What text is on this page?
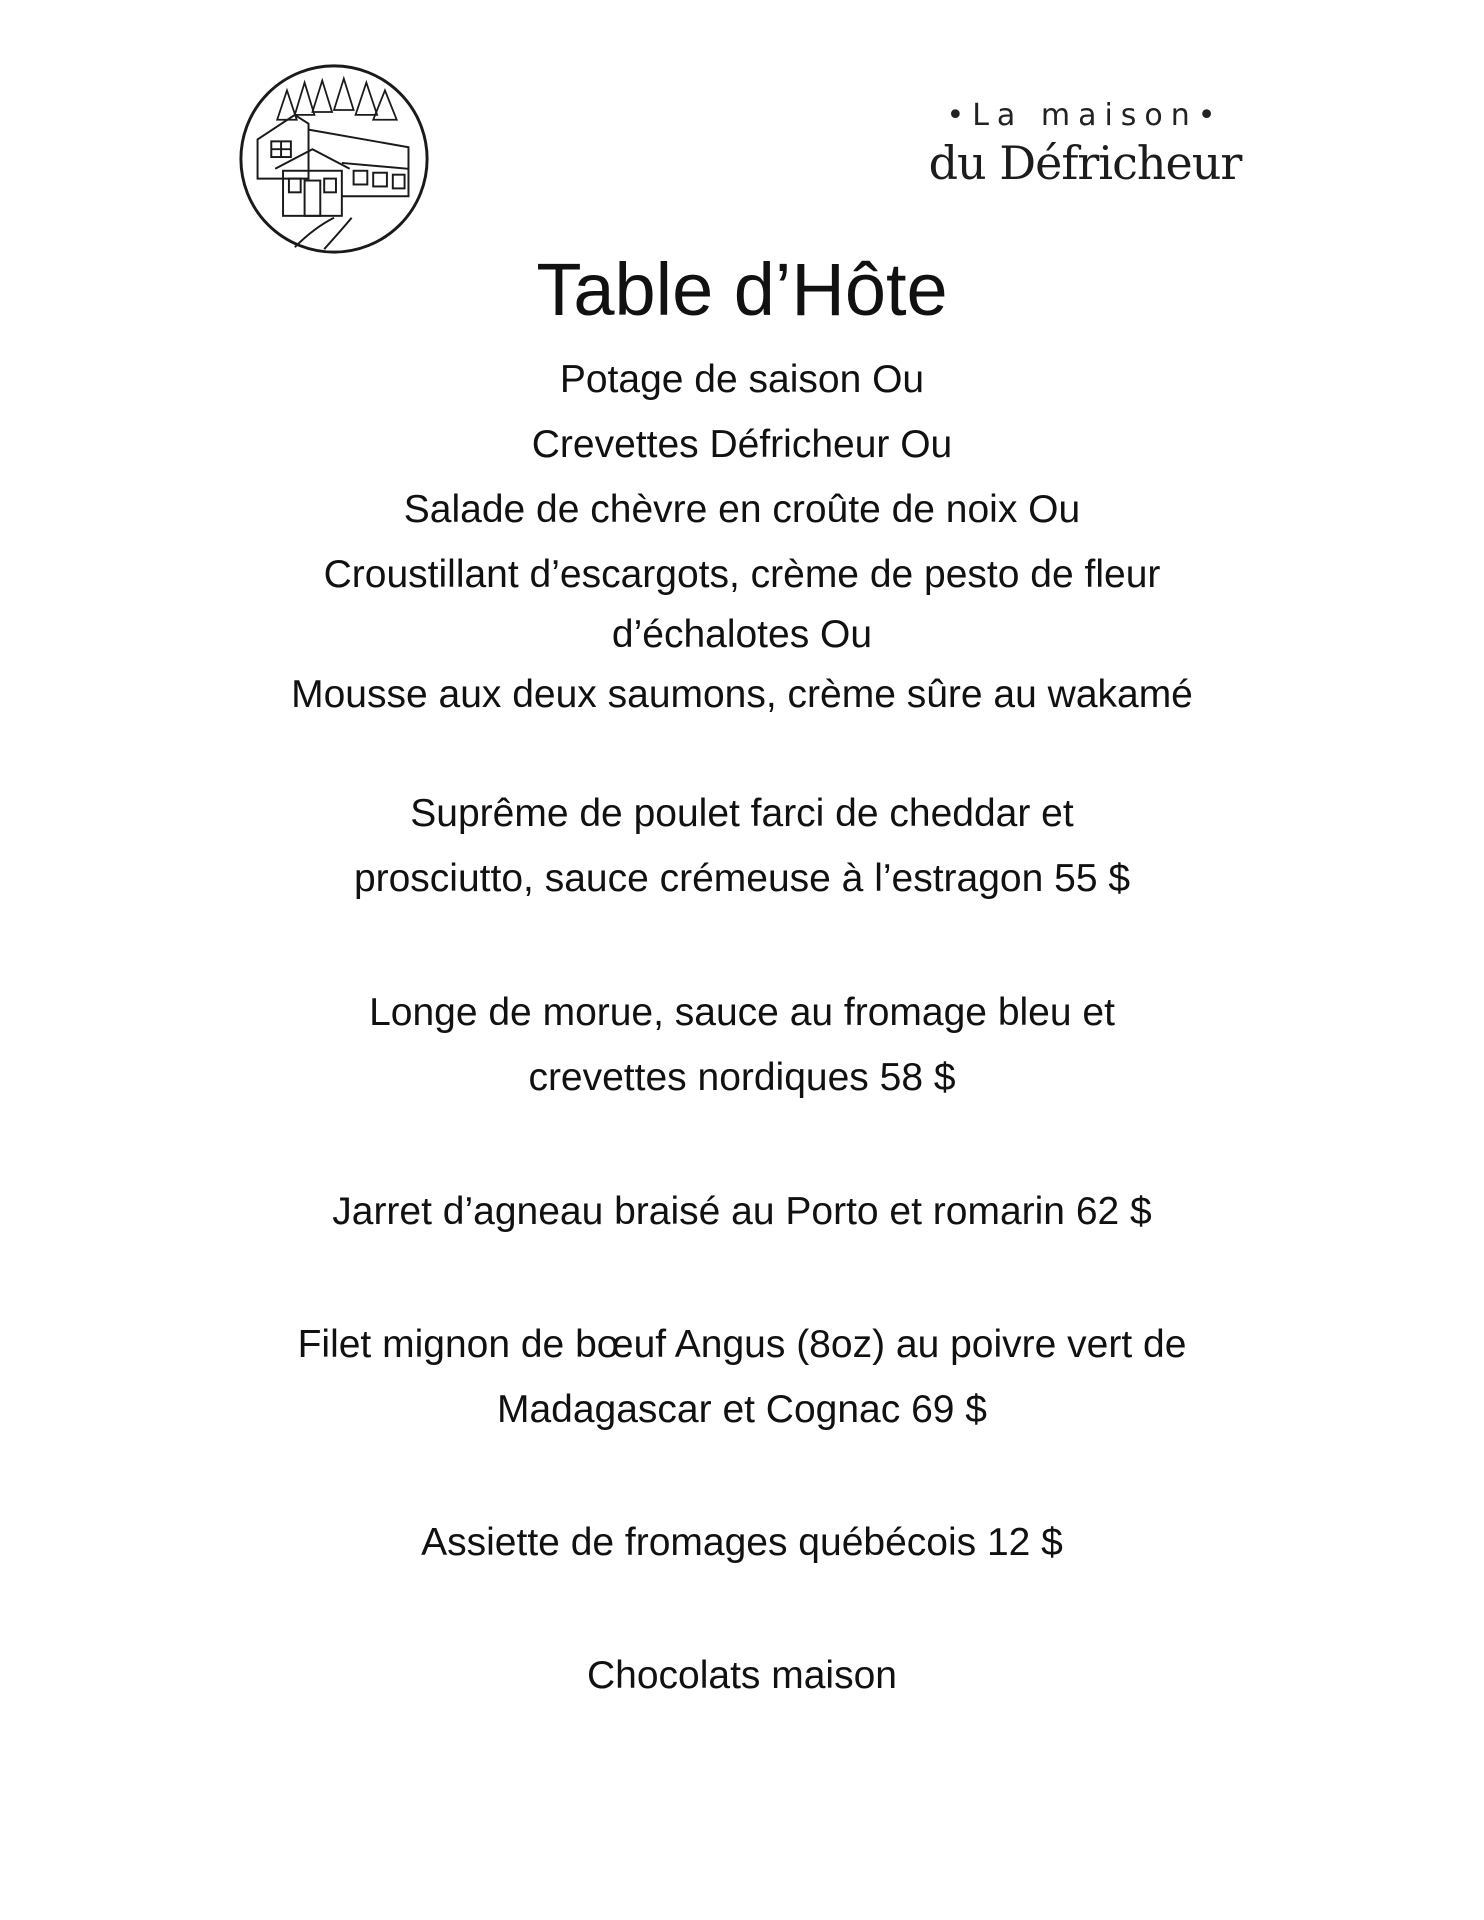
•La maison•
du Défricheur
Table d’Hôte
Potage de saison Ou
Crevettes Défricheur Ou
Salade de chèvre en croûte de noix Ou
Croustillant d’escargots, crème de pesto de fleur
d’échalotes Ou
Mousse aux deux saumons, crème sûre au wakamé
Suprême de poulet farci de cheddar et
prosciutto, sauce crémeuse à l’estragon 55 $
Longe de morue, sauce au fromage bleu et
crevettes nordiques 58 $
Jarret d’agneau braisé au Porto et romarin 62 $
Filet mignon de bœuf Angus (8oz) au poivre vert de
Madagascar et Cognac 69 $
Assiette de fromages québécois 12 $
Chocolats maison
